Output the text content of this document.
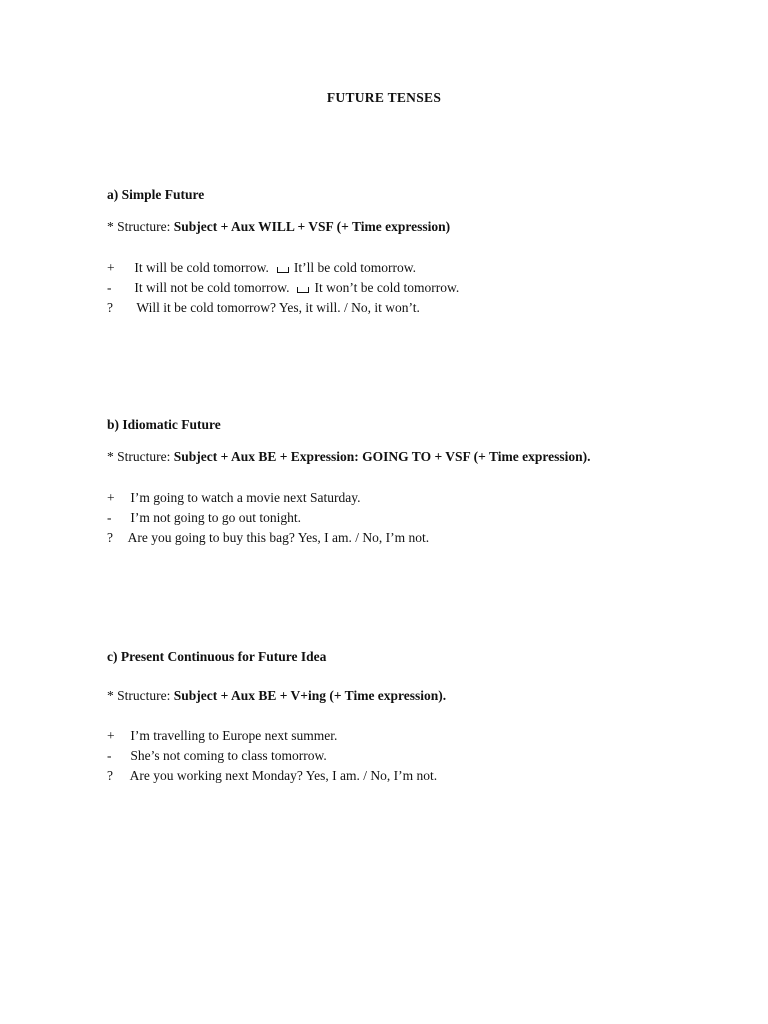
FUTURE TENSES
a) Simple Future
* Structure: Subject + Aux WILL + VSF (+ Time expression)
+ It will be cold tomorrow. It’ll be cold tomorrow.
- It will not be cold tomorrow. It won’t be cold tomorrow.
? Will it be cold tomorrow? Yes, it will. / No, it won’t.
b) Idiomatic Future
* Structure: Subject + Aux BE + Expression: GOING TO + VSF (+ Time expression).
+ I’m going to watch a movie next Saturday.
- I’m not going to go out tonight.
? Are you going to buy this bag? Yes, I am. / No, I’m not.
c) Present Continuous for Future Idea
* Structure: Subject + Aux BE + V+ing (+ Time expression).
+ I’m travelling to Europe next summer.
- She’s not coming to class tomorrow.
? Are you working next Monday? Yes, I am. / No, I’m not.
